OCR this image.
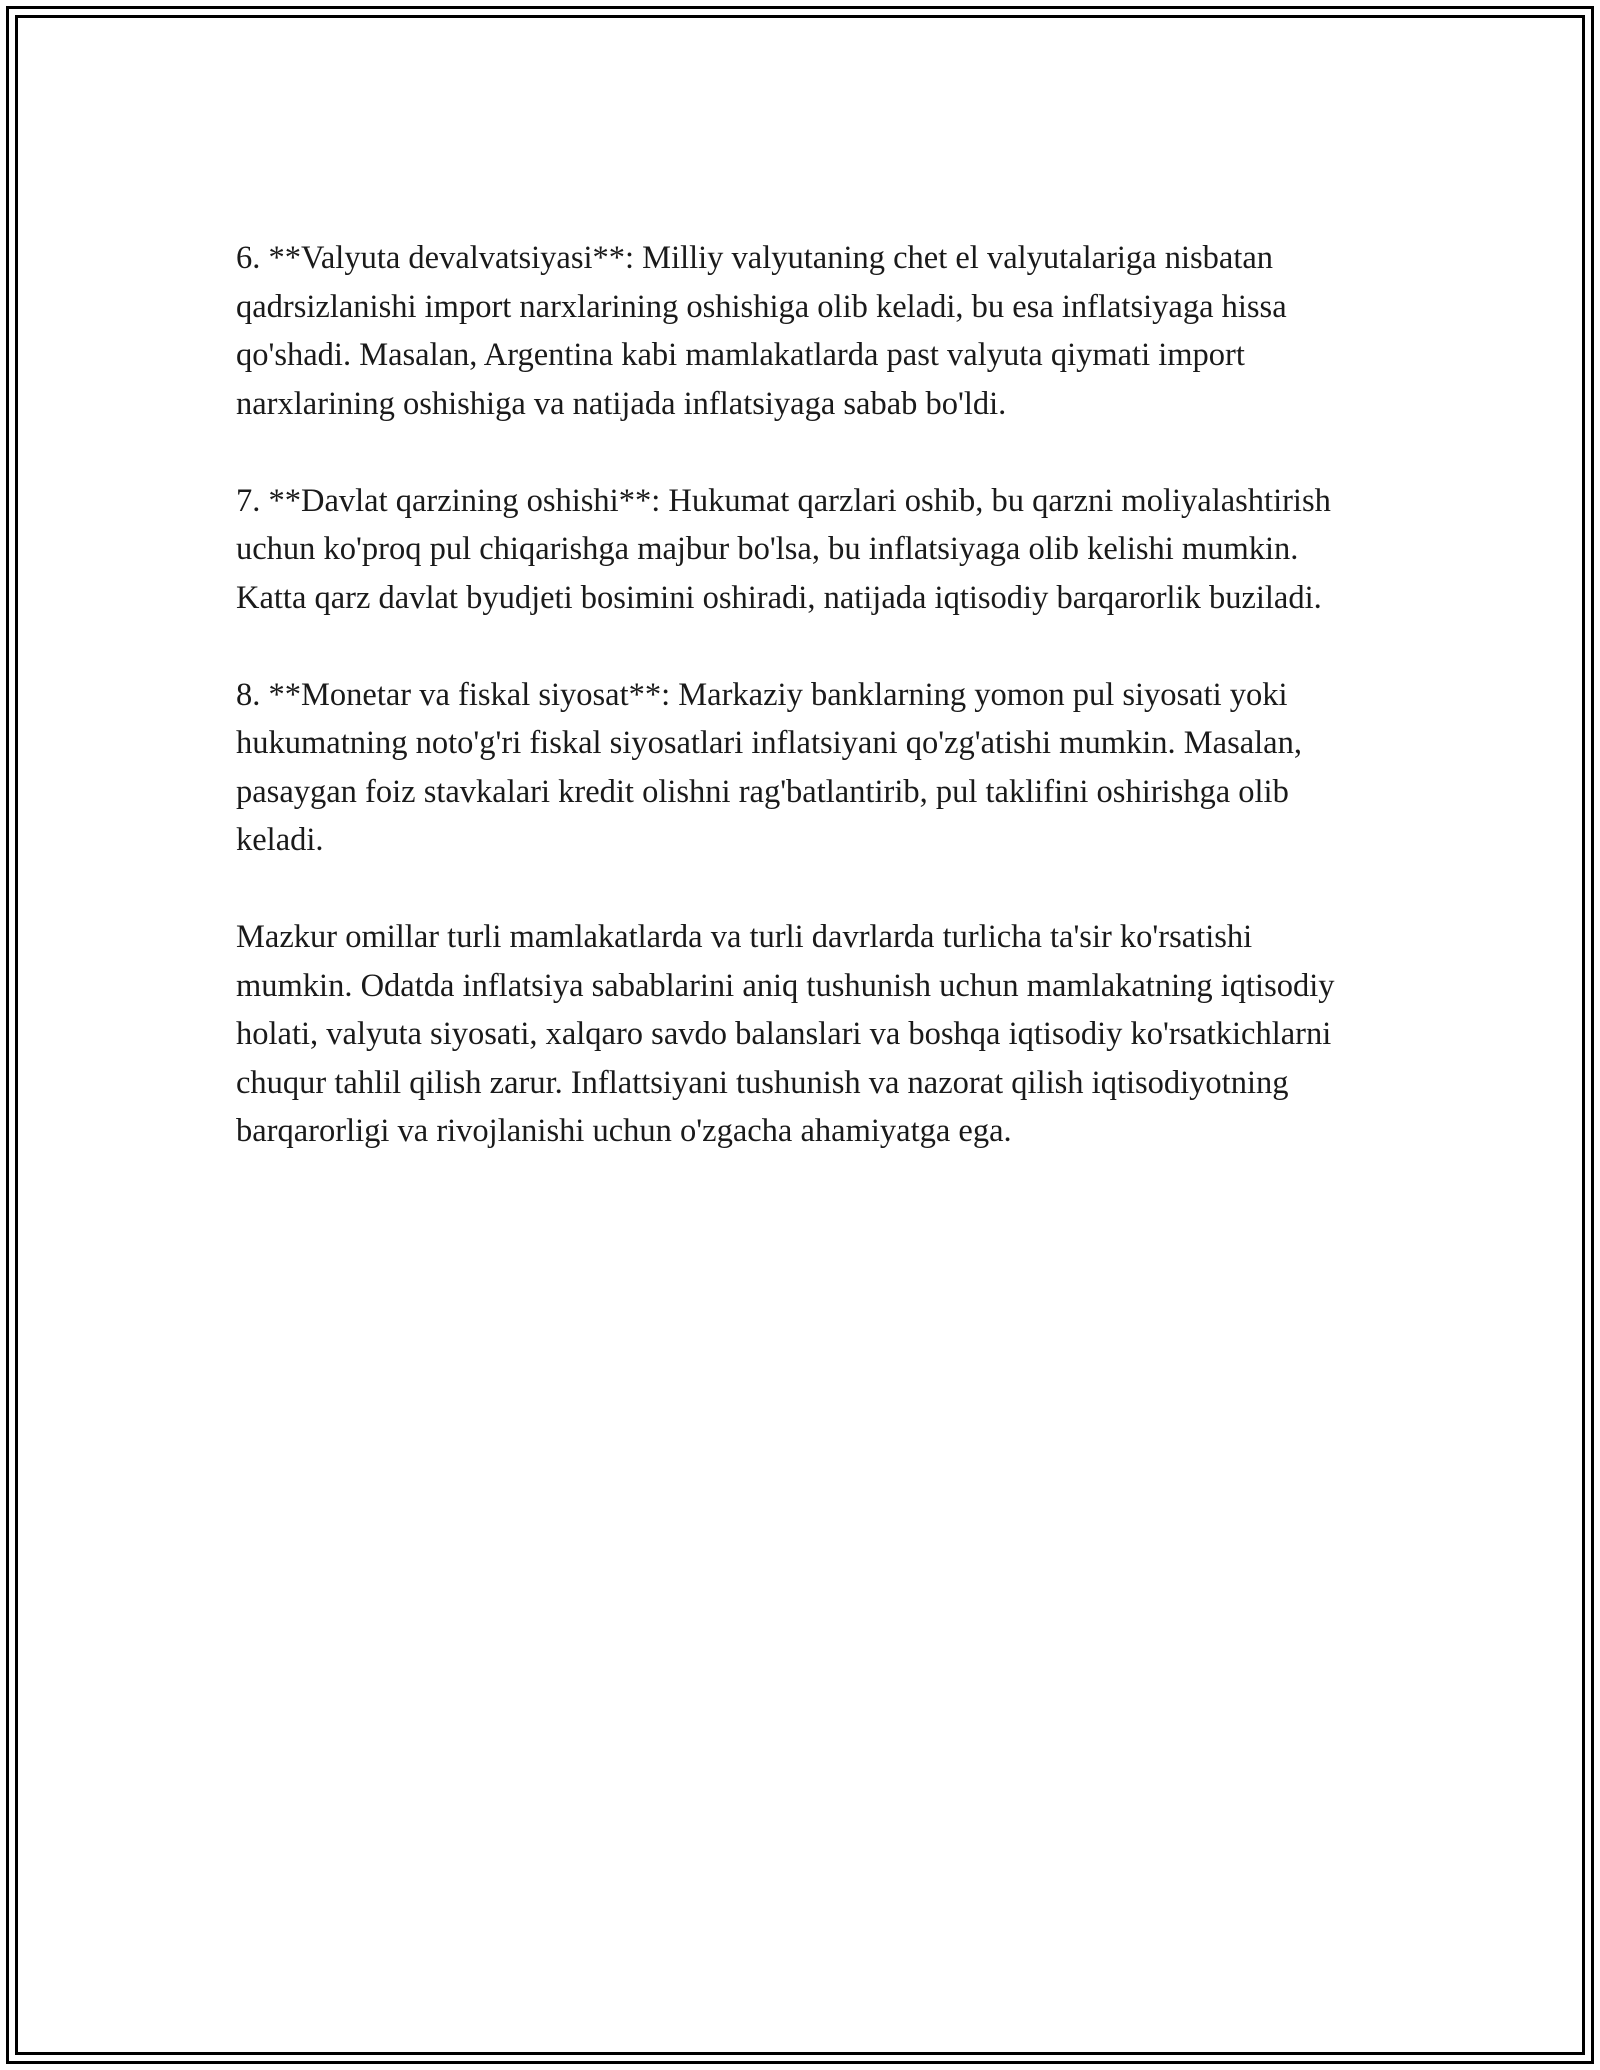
6. **Valyuta devalvatsiyasi**: Milliy valyutaning chet el valyutalariga nisbatan qadrsizlanishi import narxlarining oshishiga olib keladi, bu esa inflatsiyaga hissa qo'shadi. Masalan, Argentina kabi mamlakatlarda past valyuta qiymati import narxlarining oshishiga va natijada inflatsiyaga sabab bo'ldi.

7. **Davlat qarzining oshishi**: Hukumat qarzlari oshib, bu qarzni moliyalashtirish uchun ko'proq pul chiqarishga majbur bo'lsa, bu inflatsiyaga olib kelishi mumkin. Katta qarz davlat byudjeti bosimini oshiradi, natijada iqtisodiy barqarorlik buziladi.

8. **Monetar va fiskal siyosat**: Markaziy banklarning yomon pul siyosati yoki hukumatning noto'g'ri fiskal siyosatlari inflatsiyani qo'zg'atishi mumkin. Masalan, pasaygan foiz stavkalari kredit olishni rag'batlantirib, pul taklifini oshirishga olib keladi.

Mazkur omillar turli mamlakatlarda va turli davrlarda turlicha ta'sir ko'rsatishi mumkin. Odatda inflatsiya sabablarini aniq tushunish uchun mamlakatning iqtisodiy holati, valyuta siyosati, xalqaro savdo balanslari va boshqa iqtisodiy ko'rsatkichlarni chuqur tahlil qilish zarur. Inflattsiyani tushunish va nazorat qilish iqtisodiyotning barqarorligi va rivojlanishi uchun o'zgacha ahamiyatga ega.
